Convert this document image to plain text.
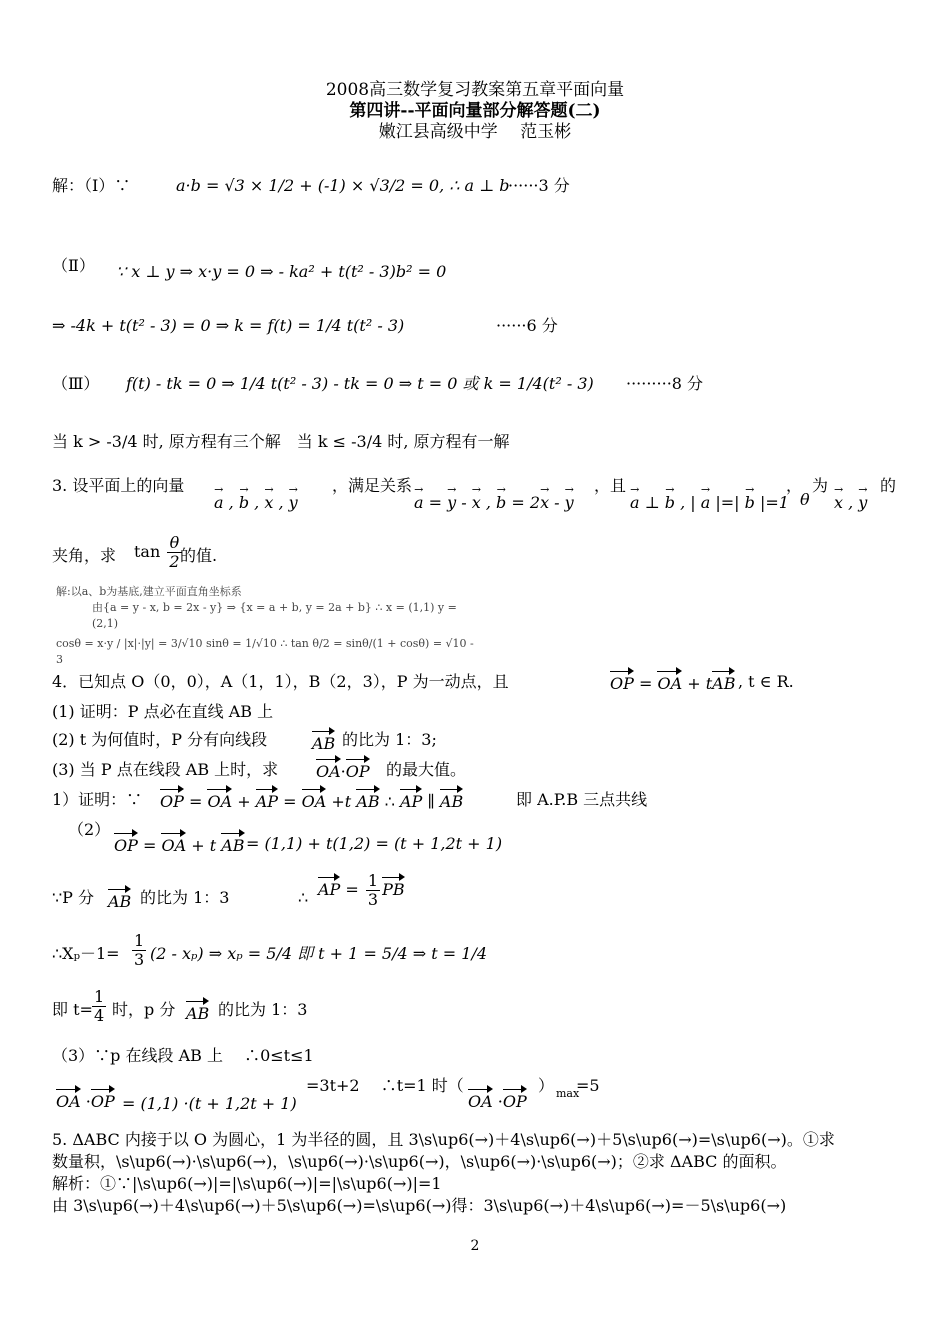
2008高三数学复习教案第五章平面向量
第四讲--平面向量部分解答题(二)
嫩江县高级中学　 范玉彬
解：（Ⅰ）∵	a·b = √3 × 1/2 + (-1) × √3/2 = 0, ∴ a ⊥ b
······3 分
（Ⅱ） ∵ x ⊥ y ⇒ x·y = 0 ⇒ - ka² + t(t² - 3)b² = 0
⇒ -4k + t(t² - 3) = 0 ⇒ k = f(t) = 1/4 t(t² - 3)	······6 分
（Ⅲ） f(t) - tk = 0 ⇒ 1/4 t(t² - 3) - tk = 0 ⇒ t = 0 或 k = 1/4(t² - 3) ·········8 分
当 k > -3/4 时, 原方程有三个解　当 k ≤ -3/4 时, 原方程有一解
3. 设平面上的向量
→ a , → b , → x , → y
，满足关系
→ a = → y - → x , → b = 2→ x - → y
，且
→ a ⊥ → b , | → a |=| → b |=1
，
θ
为
→ x , → y
的
夹角，求 $\tan \frac{\theta}{2}$
的值.
解:以a、b为基底,建立平面直角坐标系
由{a = y - x, b = 2x - y} ⇒ {x = a + b, y = 2a + b} ∴ x = (1,1) y = (2,1)
cosθ = x·y / |x|·|y| = 3/√10 sinθ = 1/√10 ∴ tan θ/2 = sinθ/(1 + cosθ) = √10 - 3
4．已知点 O（0，0），A（1，1），B（2，3），P 为一动点，且	OP = OA + tAB , t ∈ R.
(1) 证明：P 点必在直线 AB 上
(2) t 为何值时，P 分有向线段	AB 的比为 1：3;
(3) 当 P 点在线段 AB 上时，求 OA·OP 的最大值。
1）证明：∵ OP = OA + AP = OA +t AB ∴ AP ∥ AB	即 A.P.B 三点共线
（2）
OP = OA + t AB = (1,1) + t(1,2) = (t + 1,2t + 1)
∵P 分 AB 的比为 1：3	∴ AP = $\frac{1}{3}$ PB
∴Xₚ－1= $\frac{1}{3} (2 - x_p)$ ⇒ xₚ = 5/4 即 t + 1 = 5/4 ⇒ t = 1/4
即 $t= \frac{1}{4}$ 时，p 分 AB 的比为 1：3
（3）∵p 在线段 AB 上　 ∴0≤t≤1
OA ·OP = (1,1) ·(t + 1,2t + 1)
=3t+2　 ∴t=1 时（
OA ·OP
） max
=5
5. ΔABC 内接于以 O 为圆心，1 为半径的圆，且 3\s\up6(→)＋4\s\up6(→)＋5\s\up6(→)=\s\up6(→)。①求
数量积，\s\up6(→)·\s\up6(→)，\s\up6(→)·\s\up6(→)，\s\up6(→)·\s\up6(→)；②求 ΔABC 的面积。
解析：①∵|\s\up6(→)|=|\s\up6(→)|=|\s\up6(→)|=1
由 3\s\up6(→)＋4\s\up6(→)＋5\s\up6(→)=\s\up6(→)得：3\s\up6(→)＋4\s\up6(→)=－5\s\up6(→)
2
